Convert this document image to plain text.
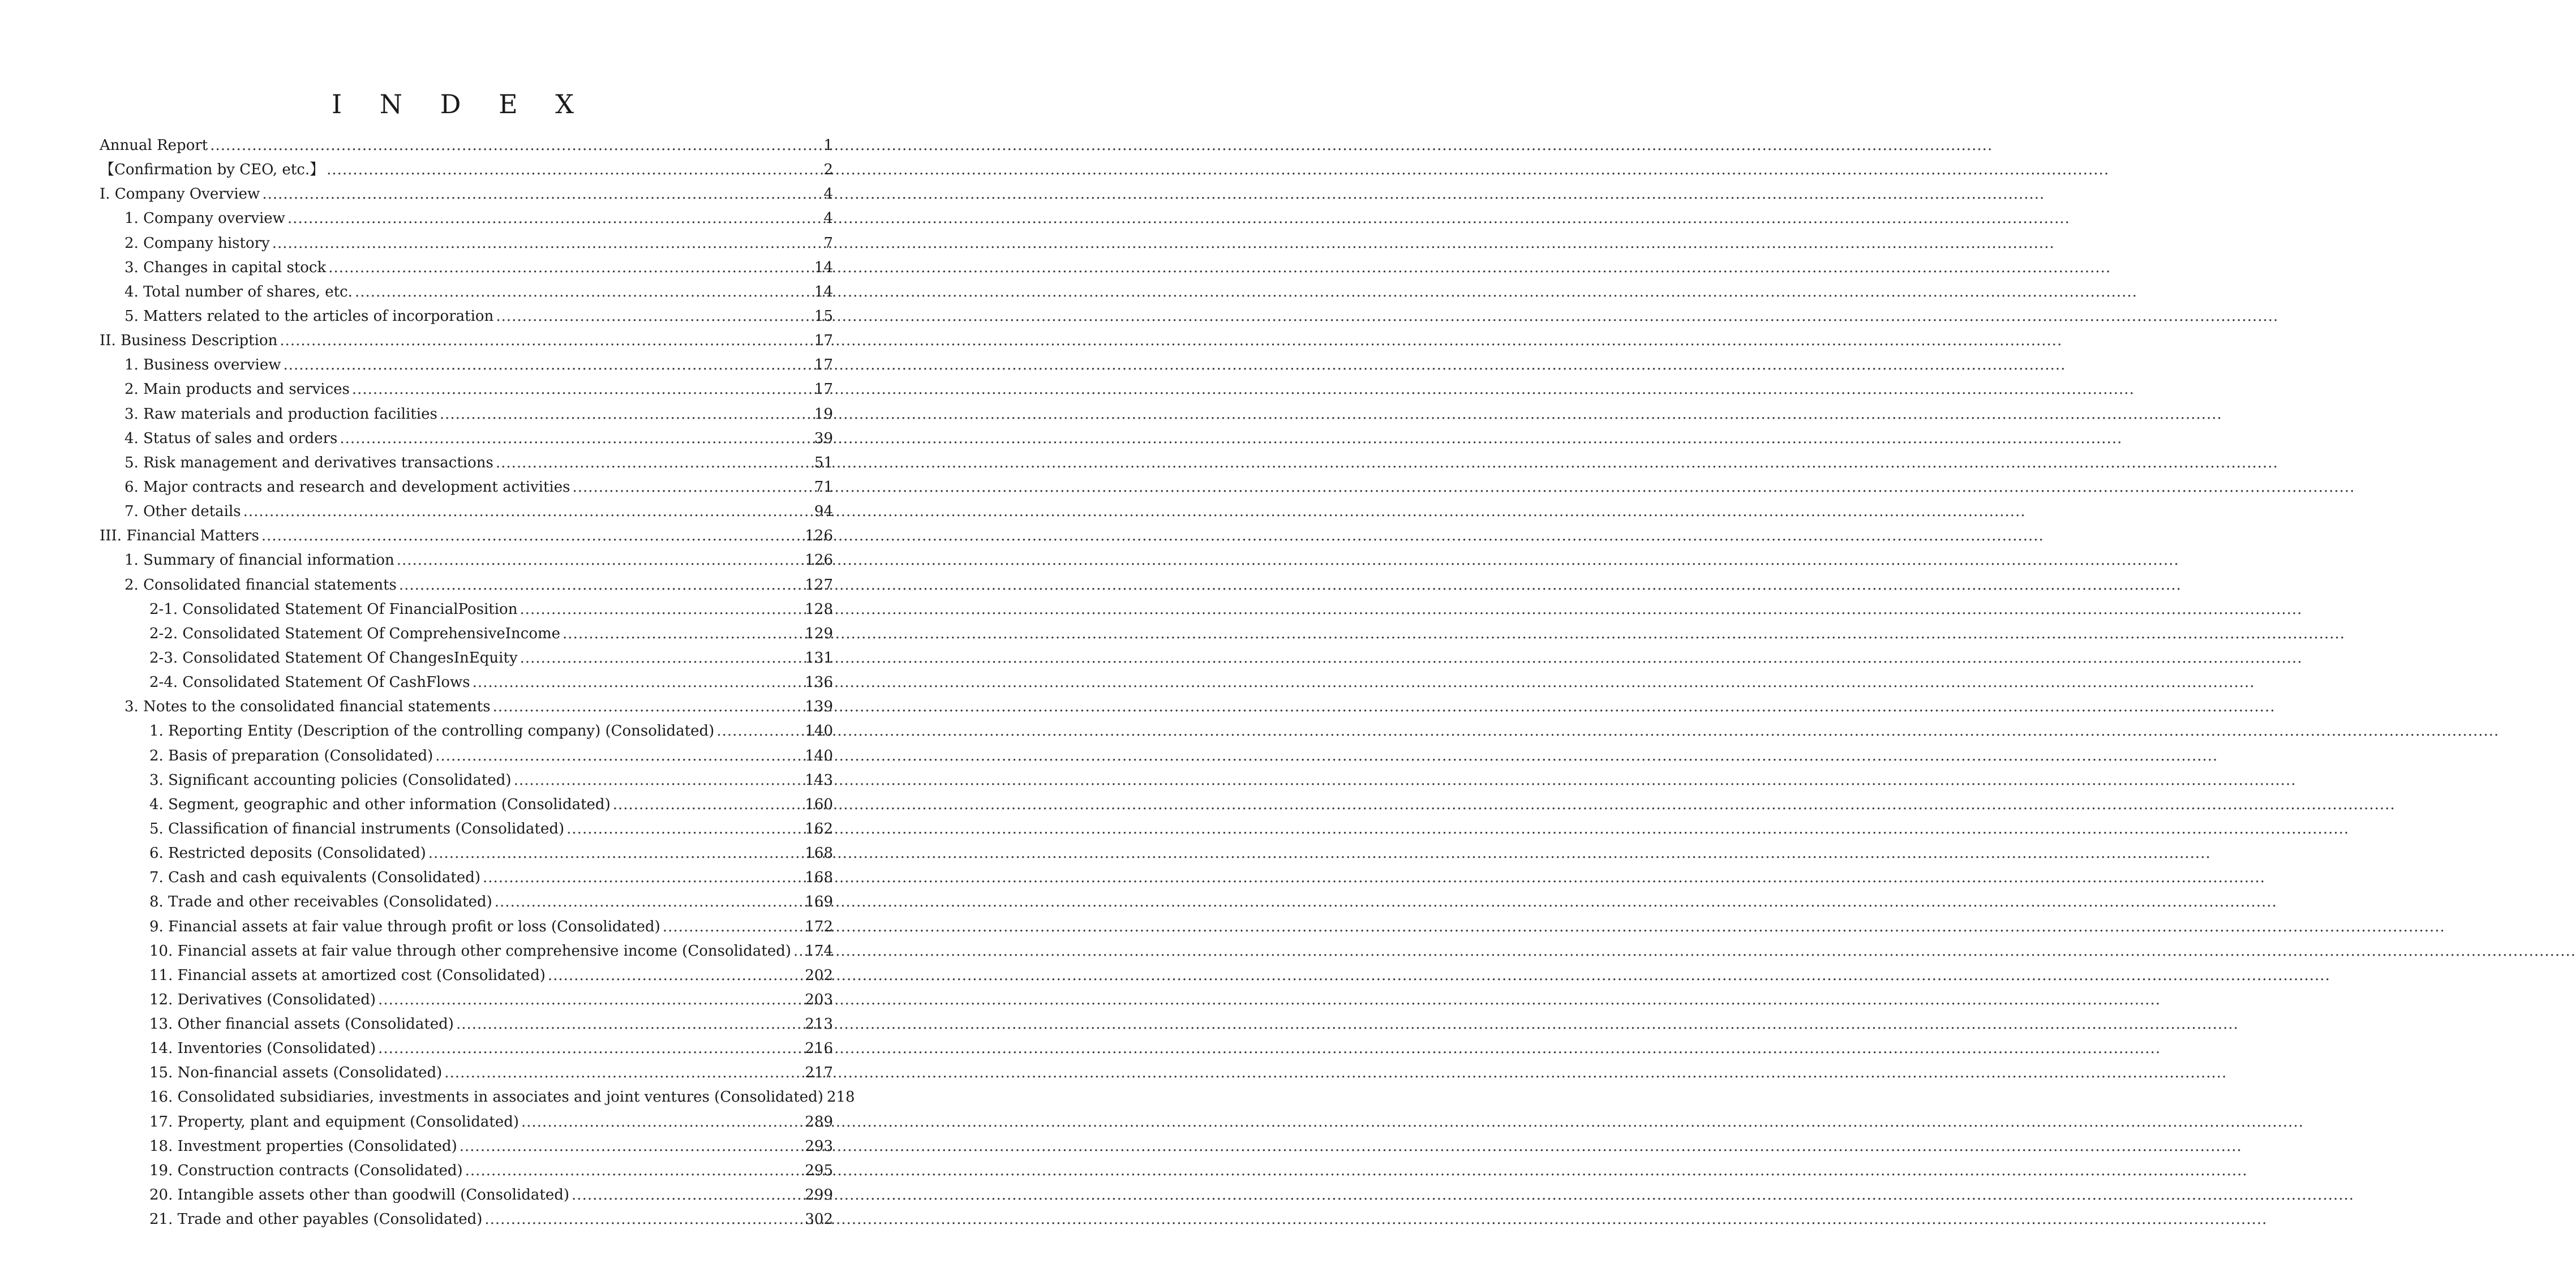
I N D E X
Annual Report .....	1
【Confirmation by CEO, etc.】 .....	2
I. Company Overview .....	4
1. Company overview .....	4
2. Company history .....	7
3. Changes in capital stock .....	14
4. Total number of shares, etc. .....	14
5. Matters related to the articles of incorporation .....	15
II. Business Description .....	17
1. Business overview .....	17
2. Main products and services .....	17
3. Raw materials and production facilities .....	19
4. Status of sales and orders .....	39
5. Risk management and derivatives transactions .....	51
6. Major contracts and research and development activities .....	71
7. Other details .....	94
III. Financial Matters .....	126
1. Summary of financial information .....	126
2. Consolidated financial statements .....	127
2-1. Consolidated Statement Of FinancialPosition .....	128
2-2. Consolidated Statement Of ComprehensiveIncome .....	129
2-3. Consolidated Statement Of ChangesInEquity .....	131
2-4. Consolidated Statement Of CashFlows .....	136
3. Notes to the consolidated financial statements .....	139
1. Reporting Entity (Description of the controlling company) (Consolidated) .....	140
2. Basis of preparation (Consolidated) .....	140
3. Significant accounting policies (Consolidated) .....	143
4. Segment, geographic and other information (Consolidated) .....	160
5. Classification of financial instruments (Consolidated) .....	162
6. Restricted deposits (Consolidated) .....	168
7. Cash and cash equivalents (Consolidated) .....	168
8. Trade and other receivables (Consolidated) .....	169
9. Financial assets at fair value through profit or loss (Consolidated) .....	172
10. Financial assets at fair value through other comprehensive income (Consolidated) ..... 174
11. Financial assets at amortized cost (Consolidated) .....	202
12. Derivatives (Consolidated) .....	203
13. Other financial assets (Consolidated) .....	213
14. Inventories (Consolidated) .....	216
15. Non-financial assets (Consolidated) .....	217
16. Consolidated subsidiaries, investments in associates and joint ventures (Consolidated) 218
17. Property, plant and equipment (Consolidated) .....	289
18. Investment properties (Consolidated) .....	293
19. Construction contracts (Consolidated) .....	295
20. Intangible assets other than goodwill (Consolidated) .....	299
21. Trade and other payables (Consolidated) .....	302
